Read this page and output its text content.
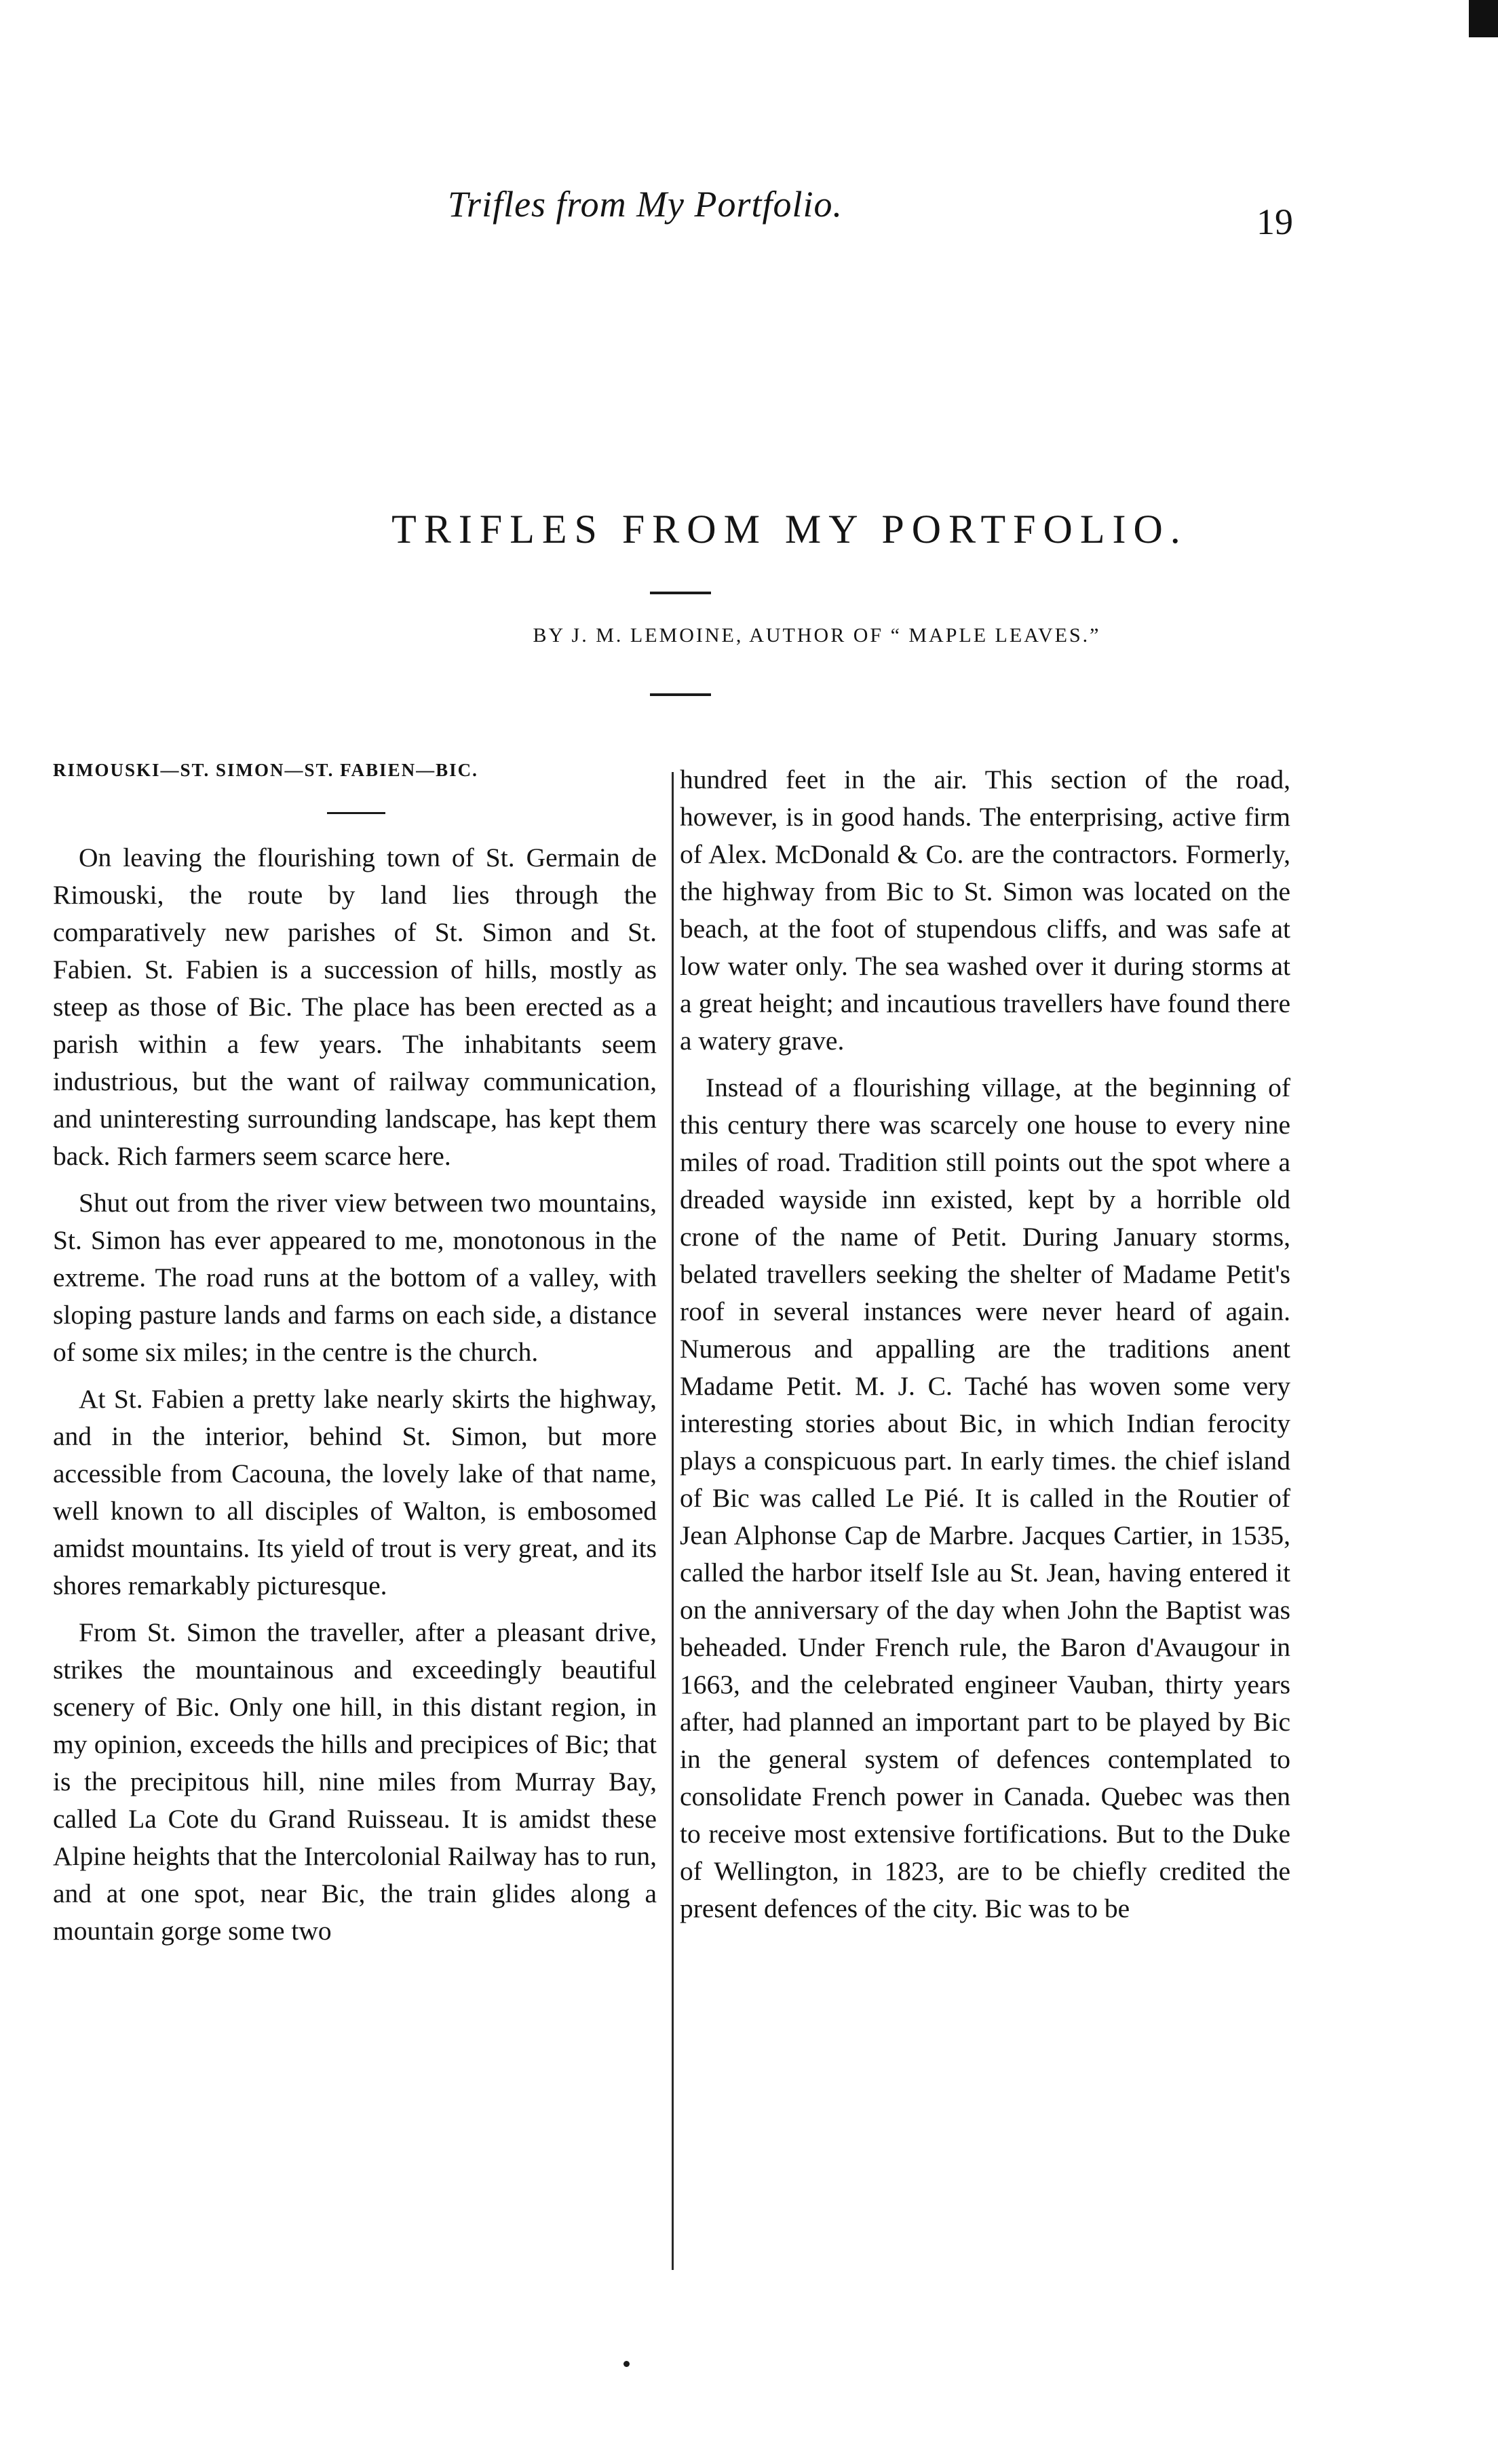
Trifles from My Portfolio.	19
TRIFLES FROM MY PORTFOLIO.
BY J. M. LEMOINE, AUTHOR OF “ MAPLE LEAVES.”
RIMOUSKI—ST. SIMON—ST. FABIEN—BIC.

On leaving the flourishing town of St. Germain de Rimouski, the route by land lies through the comparatively new parishes of St. Simon and St. Fabien. St. Fabien is a succession of hills, mostly as steep as those of Bic. The place has been erected as a parish within a few years. The inhabitants seem industrious, but the want of railway communication, and uninteresting surrounding landscape, has kept them back. Rich farmers seem scarce here.

Shut out from the river view between two mountains, St. Simon has ever appeared to me, monotonous in the extreme. The road runs at the bottom of a valley, with sloping pasture lands and farms on each side, a distance of some six miles; in the centre is the church.

At St. Fabien a pretty lake nearly skirts the highway, and in the interior, behind St. Simon, but more accessible from Cacouna, the lovely lake of that name, well known to all disciples of Walton, is embosomed amidst mountains. Its yield of trout is very great, and its shores remarkably picturesque.

From St. Simon the traveller, after a pleasant drive, strikes the mountainous and exceedingly beautiful scenery of Bic. Only one hill, in this distant region, in my opinion, exceeds the hills and precipices of Bic; that is the precipitous hill, nine miles from Murray Bay, called La Cote du Grand Ruisseau. It is amidst these Alpine heights that the Intercolonial Railway has to run, and at one spot, near Bic, the train glides along a mountain gorge some two

hundred feet in the air. This section of the road, however, is in good hands. The enterprising, active firm of Alex. McDonald & Co. are the contractors. Formerly, the highway from Bic to St. Simon was located on the beach, at the foot of stupendous cliffs, and was safe at low water only. The sea washed over it during storms at a great height; and incautious travellers have found there a watery grave.

Instead of a flourishing village, at the beginning of this century there was scarcely one house to every nine miles of road. Tradition still points out the spot where a dreaded wayside inn existed, kept by a horrible old crone of the name of Petit. During January storms, belated travellers seeking the shelter of Madame Petit's roof in several instances were never heard of again. Numerous and appalling are the traditions anent Madame Petit. M. J. C. Taché has woven some very interesting stories about Bic, in which Indian ferocity plays a conspicuous part. In early times. the chief island of Bic was called Le Pié. It is called in the Routier of Jean Alphonse Cap de Marbre. Jacques Cartier, in 1535, called the harbor itself Isle au St. Jean, having entered it on the anniversary of the day when John the Baptist was beheaded. Under French rule, the Baron d'Avaugour in 1663, and the celebrated engineer Vauban, thirty years after, had planned an important part to be played by Bic in the general system of defences contemplated to consolidate French power in Canada. Quebec was then to receive most extensive fortifications. But to the Duke of Wellington, in 1823, are to be chiefly credited the present defences of the city. Bic was to be
